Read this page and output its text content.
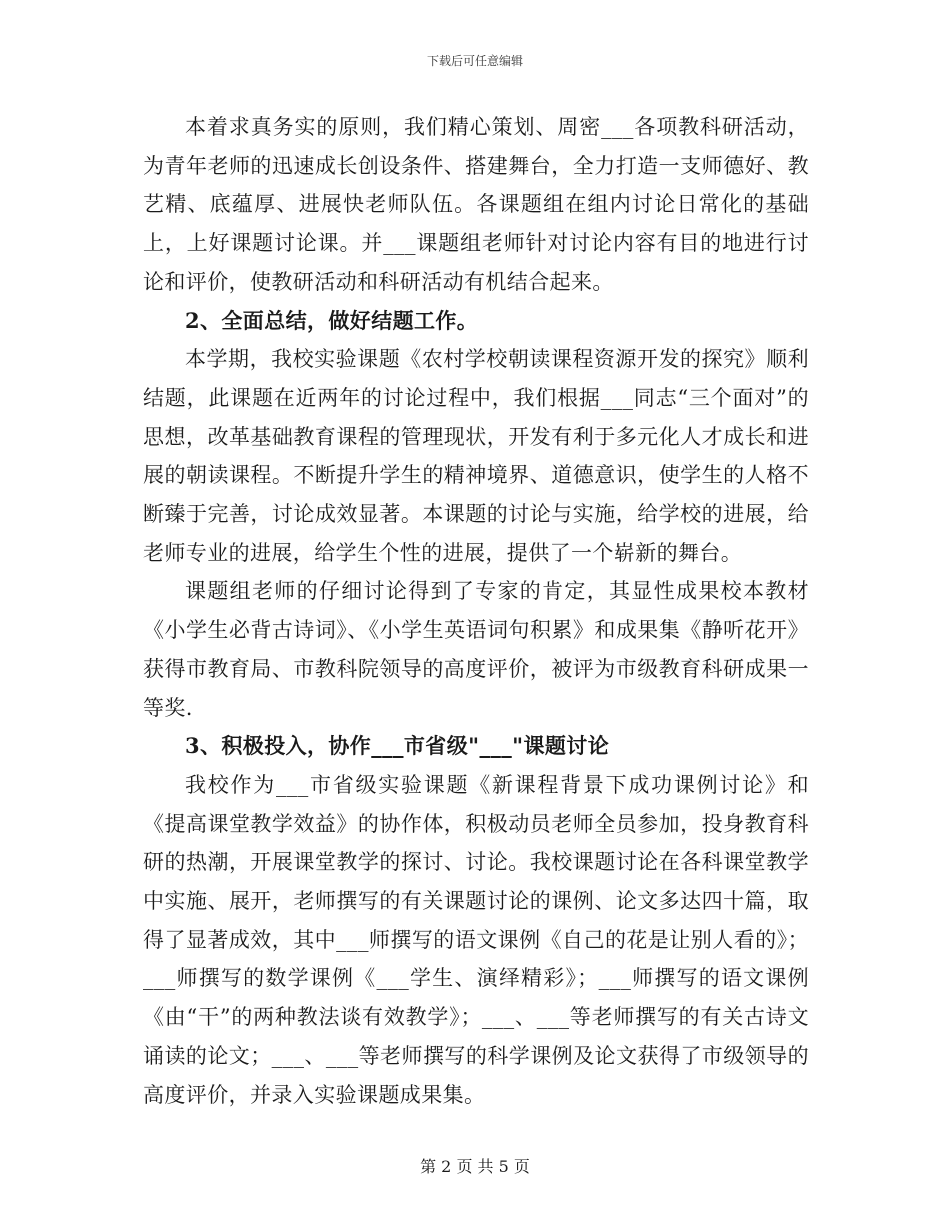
下载后可任意编辑

本着求真务实的原则，我们精心策划、周密___各项教科研活动，为青年老师的迅速成长创设条件、搭建舞台，全力打造一支师德好、教艺精、底蕴厚、进展快老师队伍。各课题组在组内讨论日常化的基础上，上好课题讨论课。并___课题组老师针对讨论内容有目的地进行讨论和评价，使教研活动和科研活动有机结合起来。

2、全面总结，做好结题工作。

本学期，我校实验课题《农村学校朝读课程资源开发的探究》顺利结题，此课题在近两年的讨论过程中，我们根据___同志“三个面对”的思想，改革基础教育课程的管理现状，开发有利于多元化人才成长和进展的朝读课程。不断提升学生的精神境界、道德意识，使学生的人格不断臻于完善，讨论成效显著。本课题的讨论与实施，给学校的进展，给老师专业的进展，给学生个性的进展，提供了一个崭新的舞台。

课题组老师的仔细讨论得到了专家的肯定，其显性成果校本教材《小学生必背古诗词》、《小学生英语词句积累》和成果集《静听花开》获得市教育局、市教科院领导的高度评价，被评为市级教育科研成果一等奖.

3、积极投入，协作___市省级"___"课题讨论

我校作为___市省级实验课题《新课程背景下成功课例讨论》和《提高课堂教学效益》的协作体，积极动员老师全员参加，投身教育科研的热潮，开展课堂教学的探讨、讨论。我校课题讨论在各科课堂教学中实施、展开，老师撰写的有关课题讨论的课例、论文多达四十篇，取得了显著成效，其中___师撰写的语文课例《自己的花是让别人看的》；___师撰写的数学课例《___学生、演绎精彩》；___师撰写的语文课例《由“干”的两种教法谈有效教学》；___、___等老师撰写的有关古诗文诵读的论文；___、___等老师撰写的科学课例及论文获得了市级领导的高度评价，并录入实验课题成果集。

第 2 页 共 5 页
